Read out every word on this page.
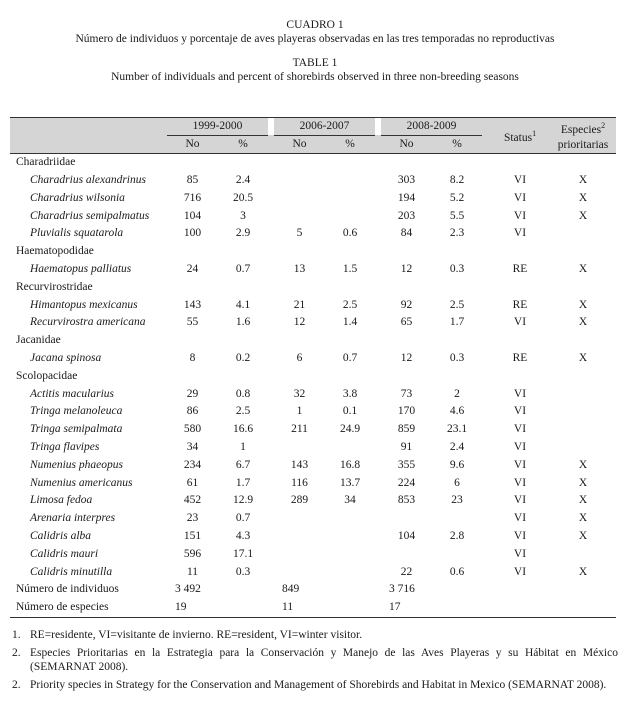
CUADRO 1
Número de individuos y porcentaje de aves playeras observadas en las tres temporadas no reproductivas
TABLE 1
Number of individuals and percent of shorebirds observed in three non-breeding seasons
	1999-2000			2006-2007			2008-2009			Status$^1$	Especies$^2$
prioritarias
	No	%		No	%		No	%			
Charadriidae											
Charadrius alexandrinus	85	2.4					303	8.2		VI	X
Charadrius wilsonia	716	20.5					194	5.2		VI	X
Charadrius semipalmatus	104	3					203	5.5		VI	X
Pluvialis squatarola	100	2.9		5	0.6		84	2.3		VI	
Haematopodidae											
Haematopus palliatus	24	0.7		13	1.5		12	0.3		RE	X
Recurvirostridae											
Himantopus mexicanus	143	4.1		21	2.5		92	2.5		RE	X
Recurvirostra americana	55	1.6		12	1.4		65	1.7		VI	X
Jacanidae											
Jacana spinosa	8	0.2		6	0.7		12	0.3		RE	X
Scolopacidae											
Actitis macularius	29	0.8		32	3.8		73	2		VI	
Tringa melanoleuca	86	2.5		1	0.1		170	4.6		VI	
Tringa semipalmata	580	16.6		211	24.9		859	23.1		VI	
Tringa flavipes	34	1					91	2.4		VI	
Numenius phaeopus	234	6.7		143	16.8		355	9.6		VI	X
Numenius americanus	61	1.7		116	13.7		224	6		VI	X
Limosa fedoa	452	12.9		289	34		853	23		VI	X
Arenaria interpres	23	0.7								VI	X
Calidris alba	151	4.3					104	2.8		VI	X
Calidris mauri	596	17.1								VI	
Calidris minutilla	11	0.3					22	0.6		VI	X
Número de individuos	3 492			849			3 716				
Número de especies	19			11			17				
1. RE=residente, VI=visitante de invierno. RE=resident, VI=winter visitor.
2. Especies Prioritarias en la Estrategia para la Conservación y Manejo de las Aves Playeras y su Hábitat en México (SEMARNAT 2008).
2. Priority species in Strategy for the Conservation and Management of Shorebirds and Habitat in Mexico (SEMARNAT 2008).
